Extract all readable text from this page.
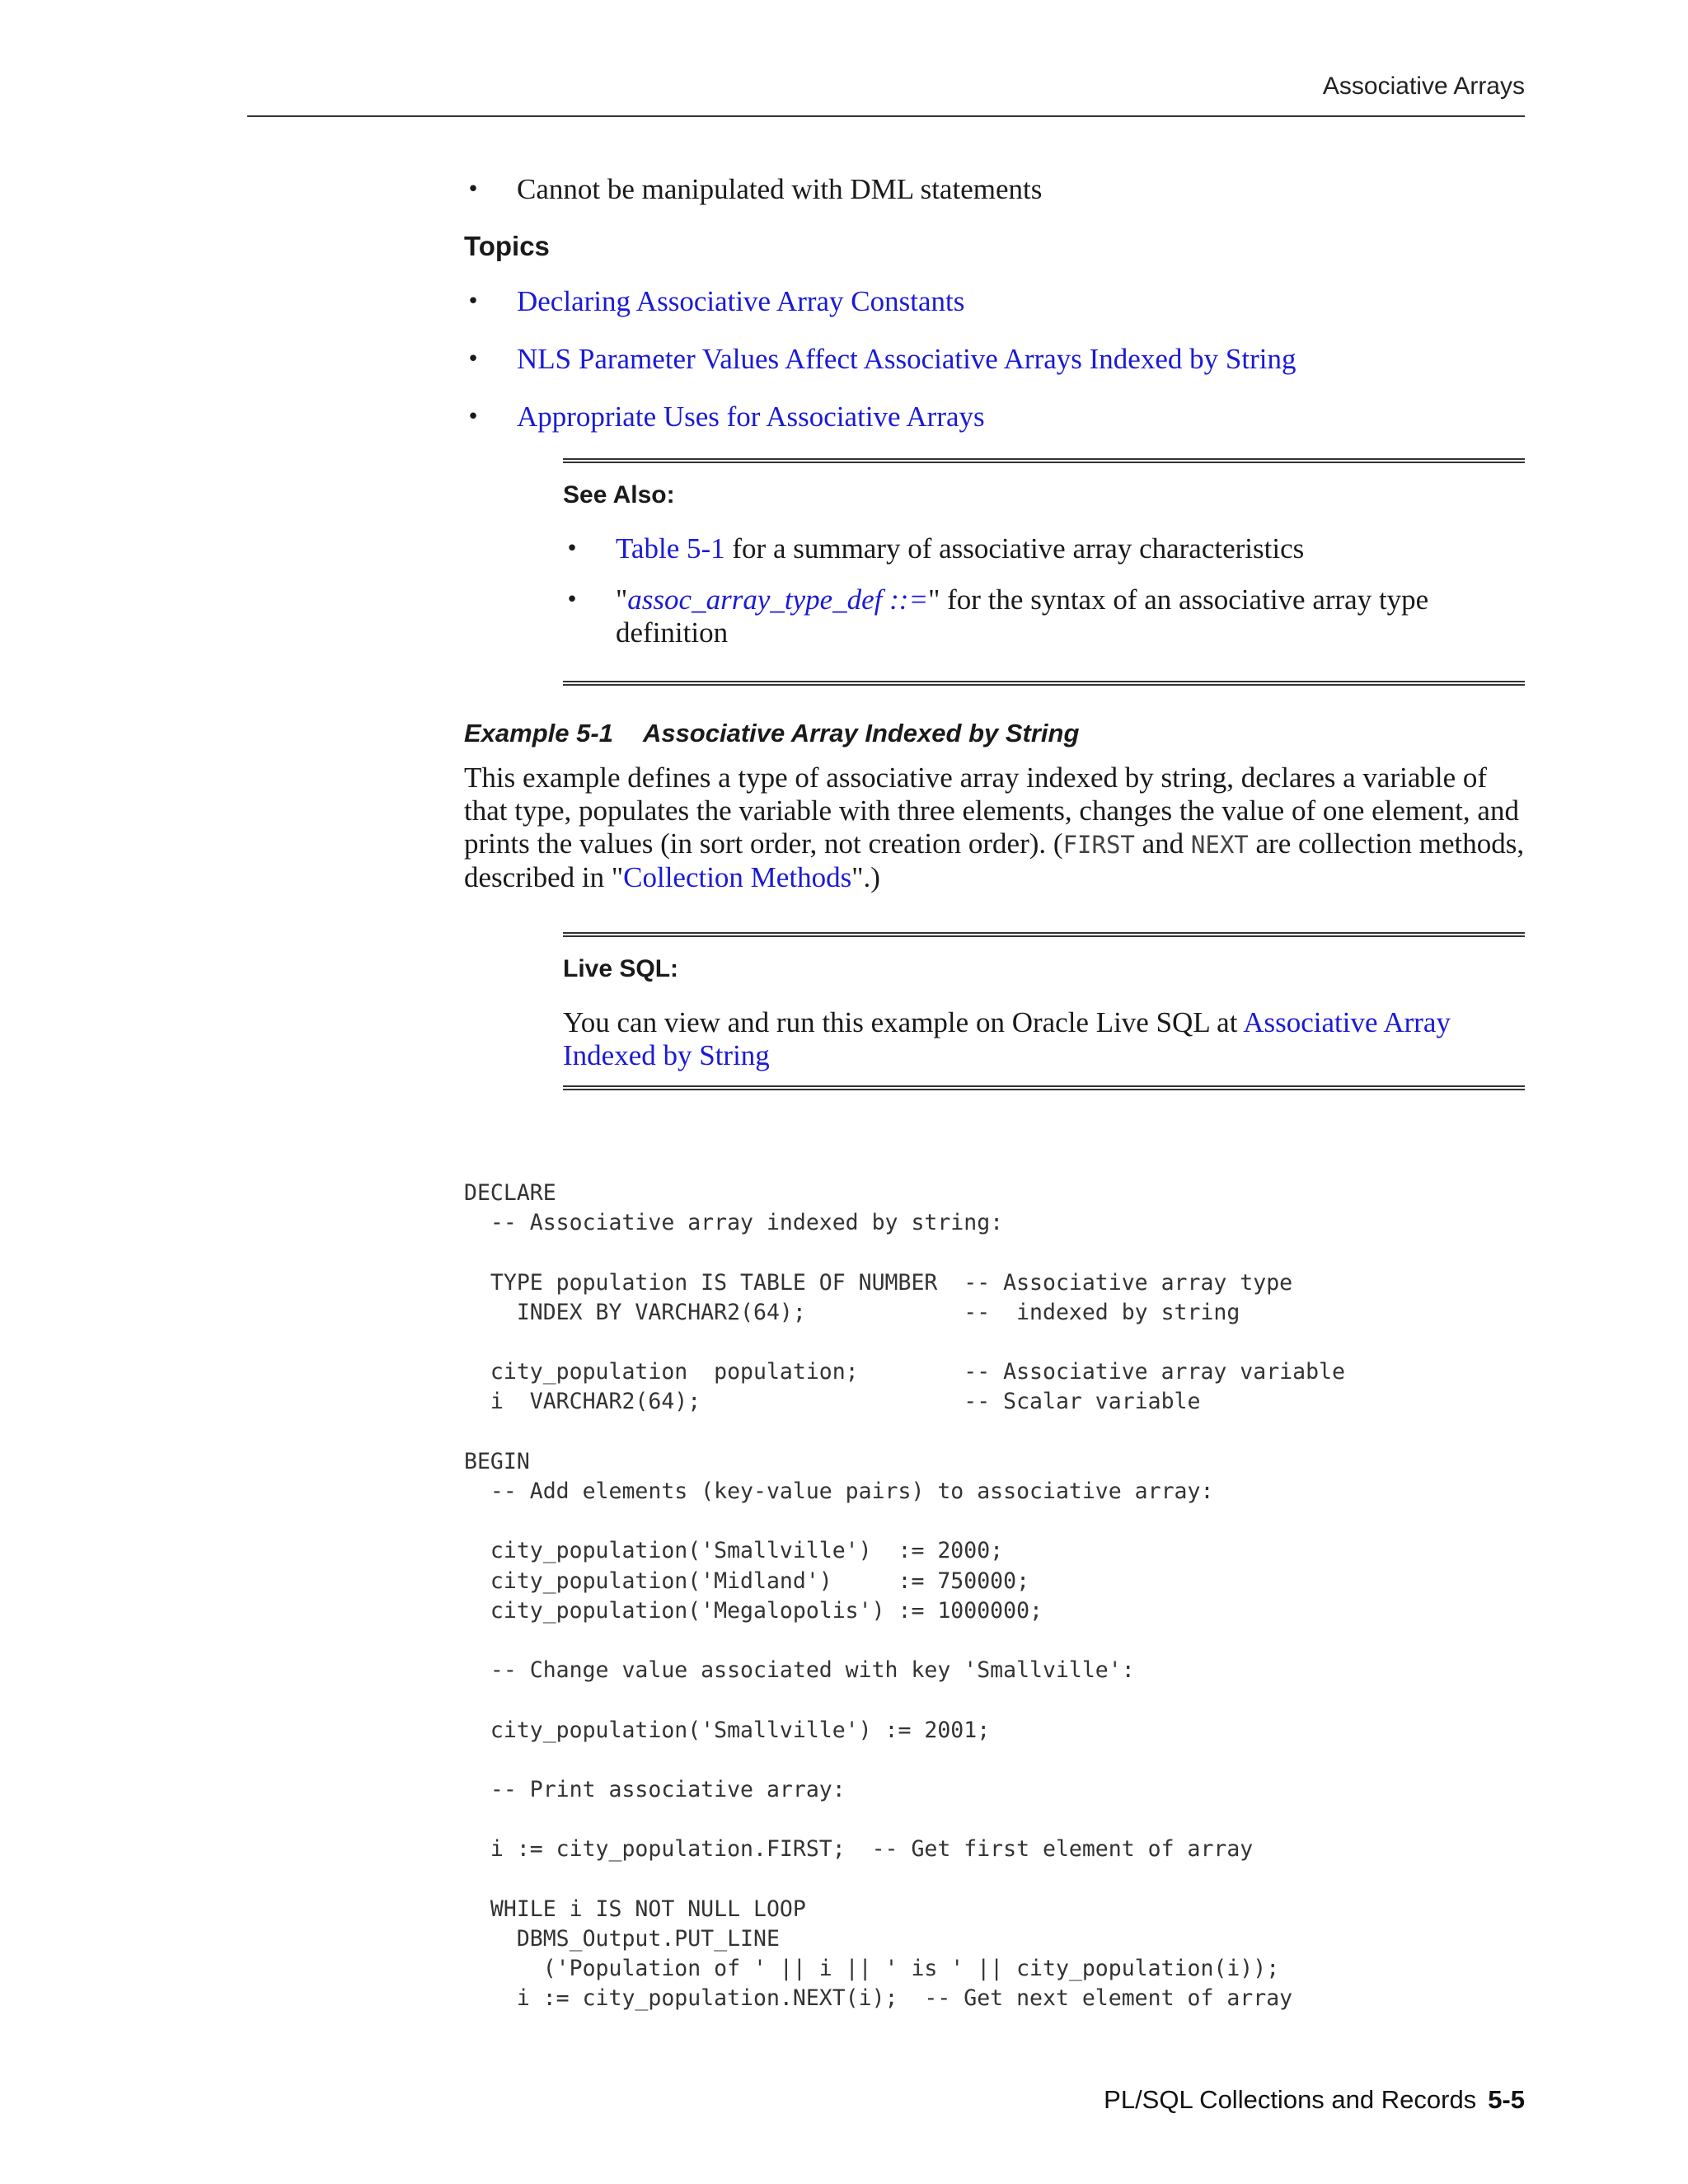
Associative Arrays
• Cannot be manipulated with DML statements
Topics
• Declaring Associative Array Constants
• NLS Parameter Values Affect Associative Arrays Indexed by String
• Appropriate Uses for Associative Arrays
See Also:
• Table 5-1 for a summary of associative array characteristics
• "assoc_array_type_def ::=" for the syntax of an associative array type definition
Example 5-1 Associative Array Indexed by String
This example defines a type of associative array indexed by string, declares a variable of that type, populates the variable with three elements, changes the value of one element, and prints the values (in sort order, not creation order). (FIRST and NEXT are collection methods, described in "Collection Methods".)
Live SQL:
You can view and run this example on Oracle Live SQL at Associative Array Indexed by String
DECLARE
-- Associative array indexed by string:

TYPE population IS TABLE OF NUMBER  -- Associative array type
INDEX BY VARCHAR2(64);            --  indexed by string

city_population  population;        -- Associative array variable
i  VARCHAR2(64);                    -- Scalar variable

BEGIN
-- Add elements (key-value pairs) to associative array:

city_population('Smallville')  := 2000;
city_population('Midland')     := 750000;
city_population('Megalopolis') := 1000000;

-- Change value associated with key 'Smallville':

city_population('Smallville') := 2001;

-- Print associative array:

i := city_population.FIRST;  -- Get first element of array

WHILE i IS NOT NULL LOOP
DBMS_Output.PUT_LINE
('Population of ' || i || ' is ' || city_population(i));
i := city_population.NEXT(i);  -- Get next element of array
PL/SQL Collections and Records 5-5
